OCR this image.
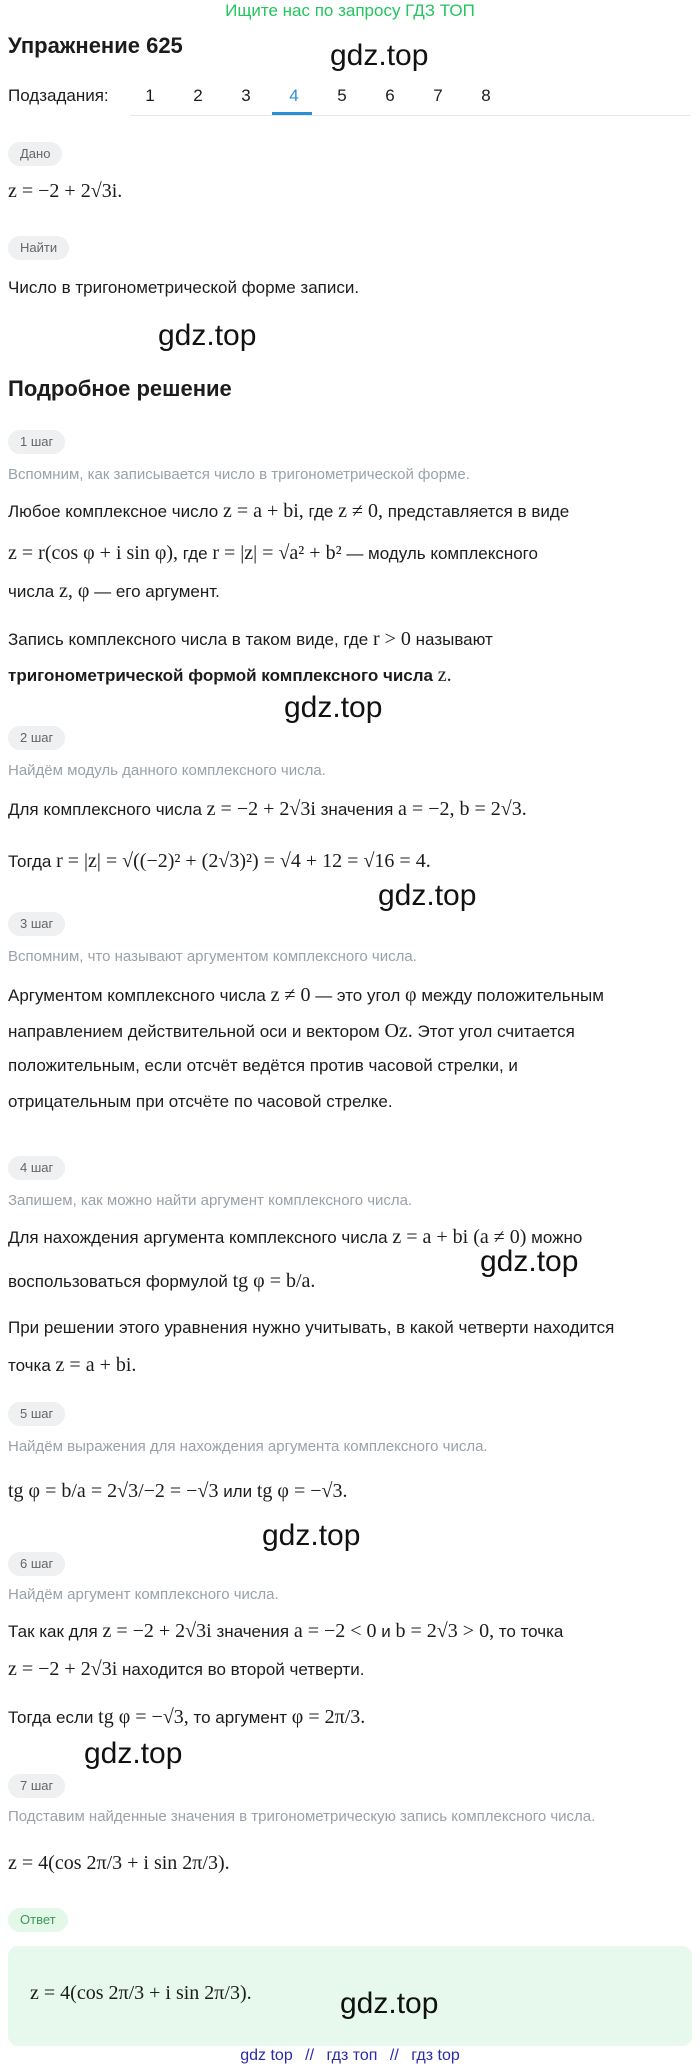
Ищите нас по запросу ГДЗ ТОП
Упражнение 625	gdz.top
Подзадания:	1	2	3	4	5	6	7	8
Дано
z = −2 + 2√3i.
Найти
Число в тригонометрической форме записи.
gdz.top
Подробное решение
1 шаг
Вспомним, как записывается число в тригонометрической форме.
Любое комплексное число z = a + bi, где z ≠ 0, представляется в виде
z = r(cos φ + i sin φ), где r = |z| = √a² + b² — модуль комплексного
числа z, φ — его аргумент.
Запись комплексного числа в таком виде, где r > 0 называют
тригонометрической формой комплексного числа z.
gdz.top
2 шаг
Найдём модуль данного комплексного числа.
Для комплексного числа z = −2 + 2√3i значения a = −2, b = 2√3.
Тогда r = |z| = √((−2)² + (2√3)²) = √4 + 12 = √16 = 4.
gdz.top
3 шаг
Вспомним, что называют аргументом комплексного числа.
Аргументом комплексного числа z ≠ 0 — это угол φ между положительным
направлением действительной оси и вектором Oz. Этот угол считается
положительным, если отсчёт ведётся против часовой стрелки, и
отрицательным при отсчёте по часовой стрелке.
4 шаг
Запишем, как можно найти аргумент комплексного числа.
Для нахождения аргумента комплексного числа z = a + bi (a ≠ 0) можно
воспользоваться формулой tg φ = b/a.
gdz.top
При решении этого уравнения нужно учитывать, в какой четверти находится
точка z = a + bi.
5 шаг
Найдём выражения для нахождения аргумента комплексного числа.
tg φ = b/a = 2√3/−2 = −√3 или tg φ = −√3.
gdz.top
6 шаг
Найдём аргумент комплексного числа.
Так как для z = −2 + 2√3i значения a = −2 < 0 и b = 2√3 > 0, то точка
z = −2 + 2√3i находится во второй четверти.
Тогда если tg φ = −√3, то аргумент φ = 2π/3.
gdz.top
7 шаг
Подставим найденные значения в тригонометрическую запись комплексного числа.
z = 4(cos 2π/3 + i sin 2π/3).
Ответ
z = 4(cos 2π/3 + i sin 2π/3).	gdz.top
gdz top // гдз топ // гдз top
